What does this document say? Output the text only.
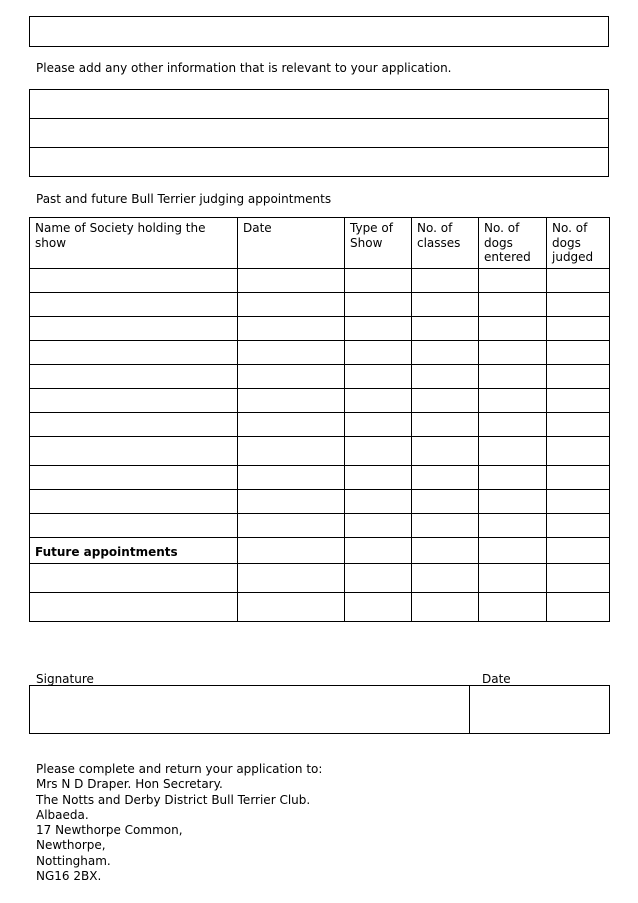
Please add any other information that is relevant to your application.

Past and future Bull Terrier judging appointments
Name of Society holding the show	Date	Type of Show	No. of classes	No. of dogs entered	No. of dogs judged

Future appointments					

Signature	Date

Please complete and return your application to:
Mrs N D Draper. Hon Secretary.
The Notts and Derby District Bull Terrier Club.
Albaeda.
17 Newthorpe Common,
Newthorpe,
Nottingham.
NG16 2BX.
